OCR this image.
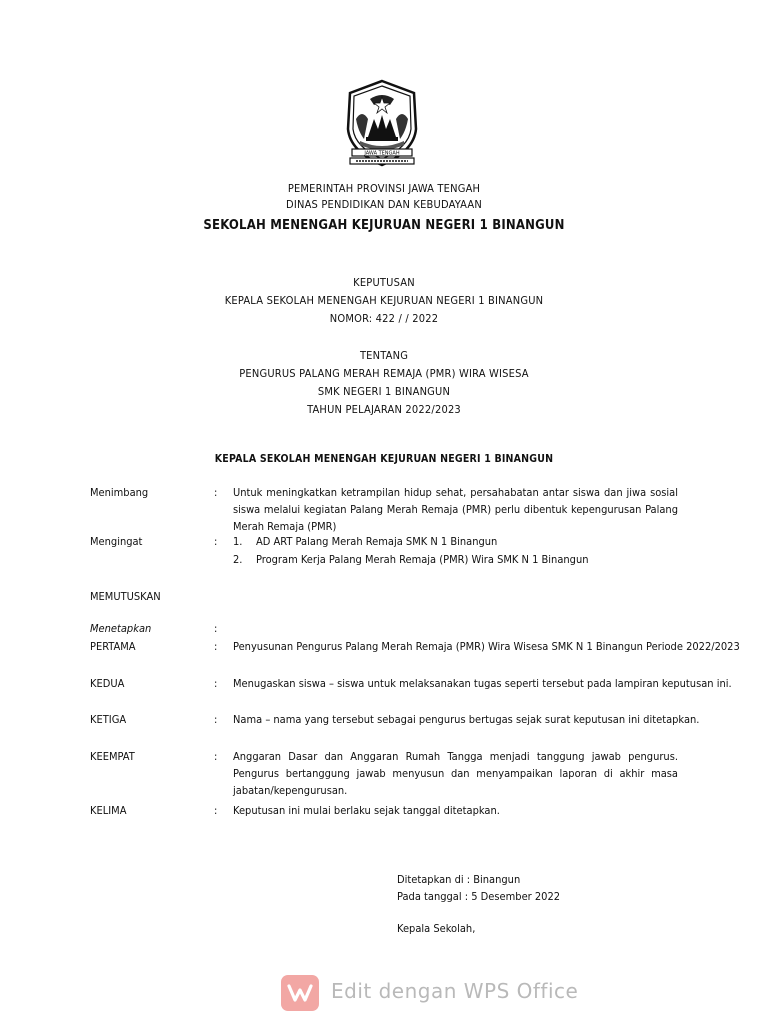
JAWA TENGAH
PEMERINTAH PROVINSI JAWA TENGAH
DINAS PENDIDIKAN DAN KEBUDAYAAN
SEKOLAH MENENGAH KEJURUAN NEGERI 1 BINANGUN
KEPUTUSAN
KEPALA SEKOLAH MENENGAH KEJURUAN NEGERI 1 BINANGUN
NOMOR: 422 / / 2022
TENTANG
PENGURUS PALANG MERAH REMAJA (PMR) WIRA WISESA
SMK NEGERI 1 BINANGUN
TAHUN PELAJARAN 2022/2023
KEPALA SEKOLAH MENENGAH KEJURUAN NEGERI 1 BINANGUN
Menimbang	: Untuk meningkatkan ketrampilan hidup sehat, persahabatan antar siswa dan jiwa sosial siswa melalui kegiatan Palang Merah Remaja (PMR) perlu dibentuk kepengurusan Palang Merah Remaja (PMR)
Mengingat	: 1. AD ART Palang Merah Remaja SMK N 1 Binangun
2. Program Kerja Palang Merah Remaja (PMR) Wira SMK N 1 Binangun
MEMUTUSKAN
Menetapkan	:
PERTAMA	: Penyusunan Pengurus Palang Merah Remaja (PMR) Wira Wisesa SMK N 1 Binangun Periode 2022/2023
KEDUA	: Menugaskan siswa – siswa untuk melaksanakan tugas seperti tersebut pada lampiran keputusan ini.
KETIGA	: Nama – nama yang tersebut sebagai pengurus bertugas sejak surat keputusan ini ditetapkan.
KEEMPAT	: Anggaran Dasar dan Anggaran Rumah Tangga menjadi tanggung jawab pengurus. Pengurus bertanggung jawab menyusun dan menyampaikan laporan di akhir masa jabatan/kepengurusan.
KELIMA	: Keputusan ini mulai berlaku sejak tanggal ditetapkan.
Ditetapkan di : Binangun
Pada tanggal : 5 Desember 2022
Kepala Sekolah,
Edit dengan WPS Office
